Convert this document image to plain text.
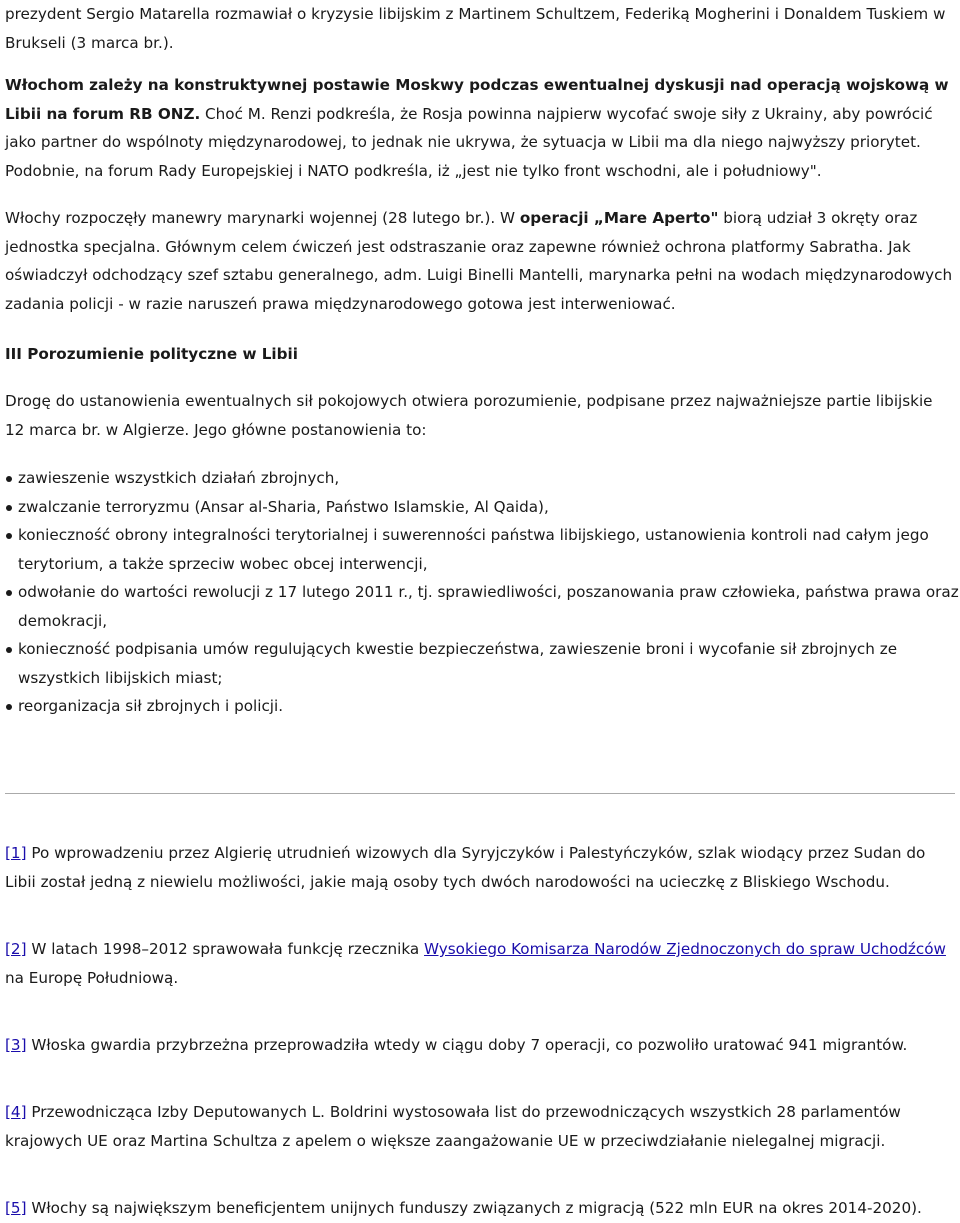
prezydent Sergio Matarella rozmawiał o kryzysie libijskim z Martinem Schultzem, Federiką Mogherini i Donaldem Tuskiem w Brukseli (3 marca br.).

Włochom zależy na konstruktywnej postawie Moskwy podczas ewentualnej dyskusji nad operacją wojskową w Libii na forum RB ONZ. Choć M. Renzi podkreśla, że Rosja powinna najpierw wycofać swoje siły z Ukrainy, aby powrócić jako partner do wspólnoty międzynarodowej, to jednak nie ukrywa, że sytuacja w Libii ma dla niego najwyższy priorytet. Podobnie, na forum Rady Europejskiej i NATO podkreśla, iż „jest nie tylko front wschodni, ale i południowy".

Włochy rozpoczęły manewry marynarki wojennej (28 lutego br.). W operacji „Mare Aperto" biorą udział 3 okręty oraz jednostka specjalna. Głównym celem ćwiczeń jest odstraszanie oraz zapewne również ochrona platformy Sabratha. Jak oświadczył odchodzący szef sztabu generalnego, adm. Luigi Binelli Mantelli, marynarka pełni na wodach międzynarodowych zadania policji - w razie naruszeń prawa międzynarodowego gotowa jest interweniować.

III Porozumienie polityczne w Libii

Drogę do ustanowienia ewentualnych sił pokojowych otwiera porozumienie, podpisane przez najważniejsze partie libijskie 12 marca br. w Algierze. Jego główne postanowienia to:

zawieszenie wszystkich działań zbrojnych,
zwalczanie terroryzmu (Ansar al-Sharia, Państwo Islamskie, Al Qaida),
konieczność obrony integralności terytorialnej i suwerenności państwa libijskiego, ustanowienia kontroli nad całym jego terytorium, a także sprzeciw wobec obcej interwencji,
odwołanie do wartości rewolucji z 17 lutego 2011 r., tj. sprawiedliwości, poszanowania praw człowieka, państwa prawa oraz demokracji,
konieczność podpisania umów regulujących kwestie bezpieczeństwa, zawieszenie broni i wycofanie sił zbrojnych ze wszystkich libijskich miast;
reorganizacja sił zbrojnych i policji.

[1] Po wprowadzeniu przez Algierię utrudnień wizowych dla Syryjczyków i Palestyńczyków, szlak wiodący przez Sudan do Libii został jedną z niewielu możliwości, jakie mają osoby tych dwóch narodowości na ucieczkę z Bliskiego Wschodu.

[2] W latach 1998–2012 sprawowała funkcję rzecznika Wysokiego Komisarza Narodów Zjednoczonych do spraw Uchodźców na Europę Południową.

[3] Włoska gwardia przybrzeżna przeprowadziła wtedy w ciągu doby 7 operacji, co pozwoliło uratować 941 migrantów.

[4] Przewodnicząca Izby Deputowanych L. Boldrini wystosowała list do przewodniczących wszystkich 28 parlamentów krajowych UE oraz Martina Schultza z apelem o większe zaangażowanie UE w przeciwdziałanie nielegalnej migracji.

[5] Włochy są największym beneficjentem unijnych funduszy związanych z migracją (522 mln EUR na okres 2014-2020).
